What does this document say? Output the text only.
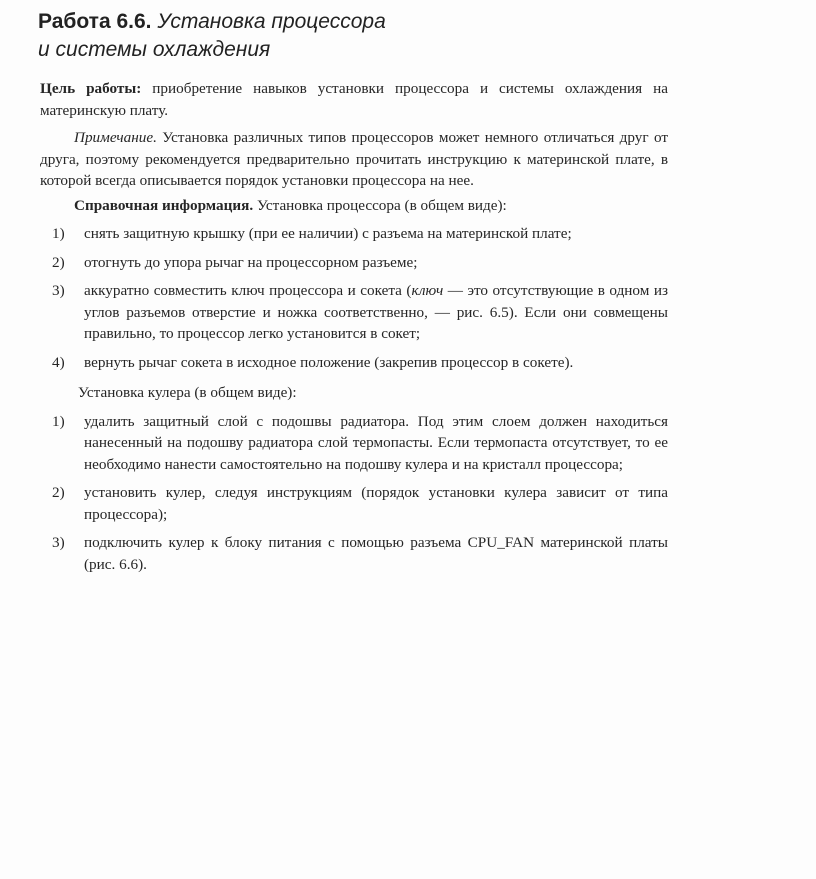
Работа 6.6. Установка процессора
и системы охлаждения

Цель работы: приобретение навыков установки процессора и системы охлаждения на материнскую плату.

Примечание. Установка различных типов процессоров может немного отличаться друг от друга, поэтому рекомендуется предварительно прочитать инструкцию к материнской плате, в которой всегда описывается порядок установки процессора на нее.

Справочная информация. Установка процессора (в общем виде):

1)	снять защитную крышку (при ее наличии) с разъема на материнской плате;
2)	отогнуть до упора рычаг на процессорном разъеме;
3)	аккуратно совместить ключ процессора и сокета (ключ — это отсутствующие в одном из углов разъемов отверстие и ножка соответственно, — рис. 6.5). Если они совмещены правильно, то процессор легко установится в сокет;
4)	вернуть рычаг сокета в исходное положение (закрепив процессор в сокете).

Установка кулера (в общем виде):

1)	удалить защитный слой с подошвы радиатора. Под этим слоем должен находиться нанесенный на подошву радиатора слой термопасты. Если термопаста отсутствует, то ее необходимо нанести самостоятельно на подошву кулера и на кристалл процессора;
2)	установить кулер, следуя инструкциям (порядок установки кулера зависит от типа процессора);
3)	подключить кулер к блоку питания с помощью разъема CPU_FAN материнской платы (рис. 6.6).
